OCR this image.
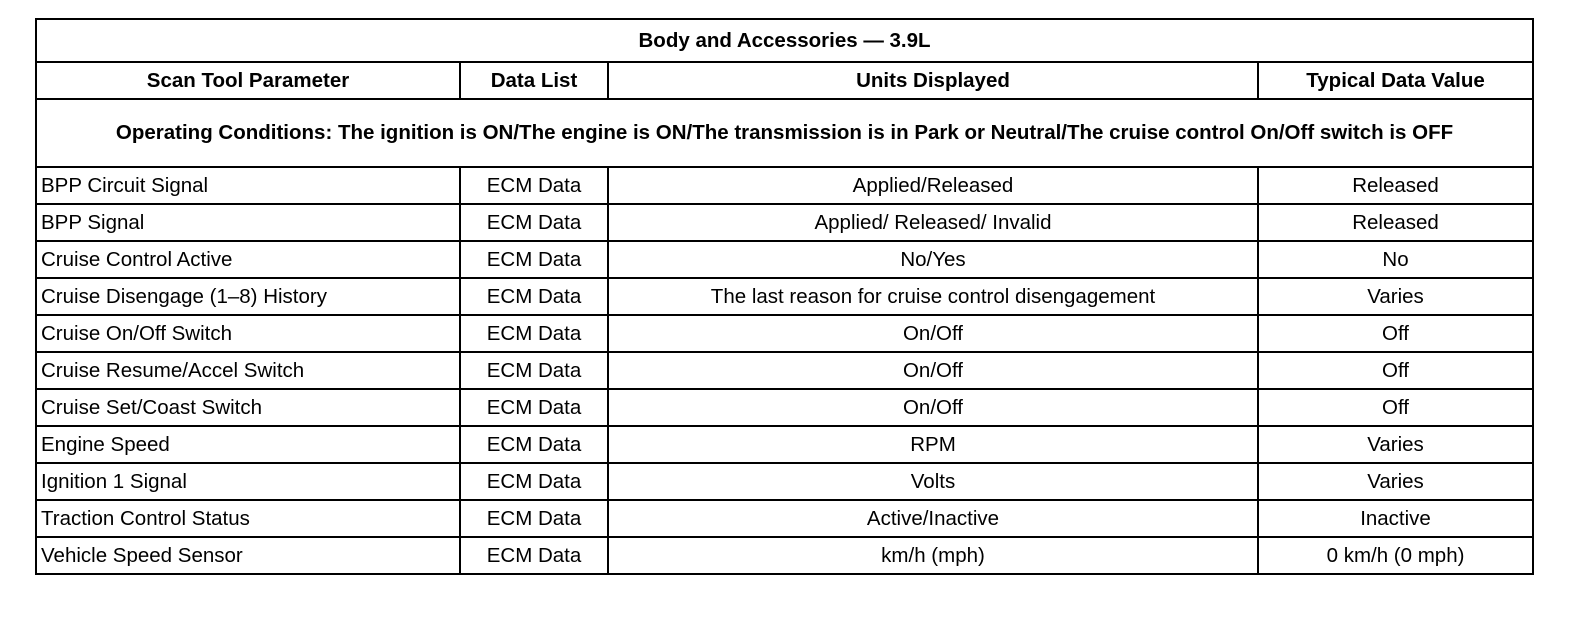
Body and Accessories — 3.9L			
Scan Tool Parameter	Data List	Units Displayed	Typical Data Value
Operating Conditions: The ignition is ON/The engine is ON/The transmission is in Park or Neutral/The cruise control On/Off switch is OFF			
BPP Circuit Signal	ECM Data	Applied/Released	Released
BPP Signal	ECM Data	Applied/ Released/ Invalid	Released
Cruise Control Active	ECM Data	No/Yes	No
Cruise Disengage (1–8) History	ECM Data	The last reason for cruise control disengagement	Varies
Cruise On/Off Switch	ECM Data	On/Off	Off
Cruise Resume/Accel Switch	ECM Data	On/Off	Off
Cruise Set/Coast Switch	ECM Data	On/Off	Off
Engine Speed	ECM Data	RPM	Varies
Ignition 1 Signal	ECM Data	Volts	Varies
Traction Control Status	ECM Data	Active/Inactive	Inactive
Vehicle Speed Sensor	ECM Data	km/h (mph)	0 km/h (0 mph)
